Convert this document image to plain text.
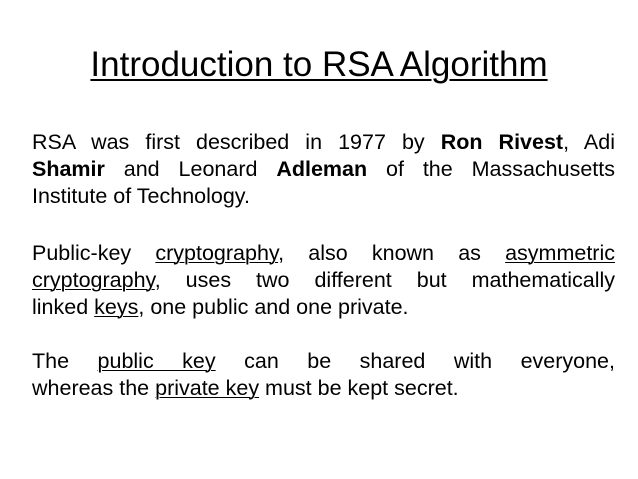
Introduction to RSA Algorithm
RSA was first described in 1977 by Ron Rivest, Adi
Shamir and Leonard Adleman of the Massachusetts
Institute of Technology.
Public-key cryptography, also known as asymmetric
cryptography, uses two different but mathematically
linked keys, one public and one private.
The public key can be shared with everyone,
whereas the private key must be kept secret.
